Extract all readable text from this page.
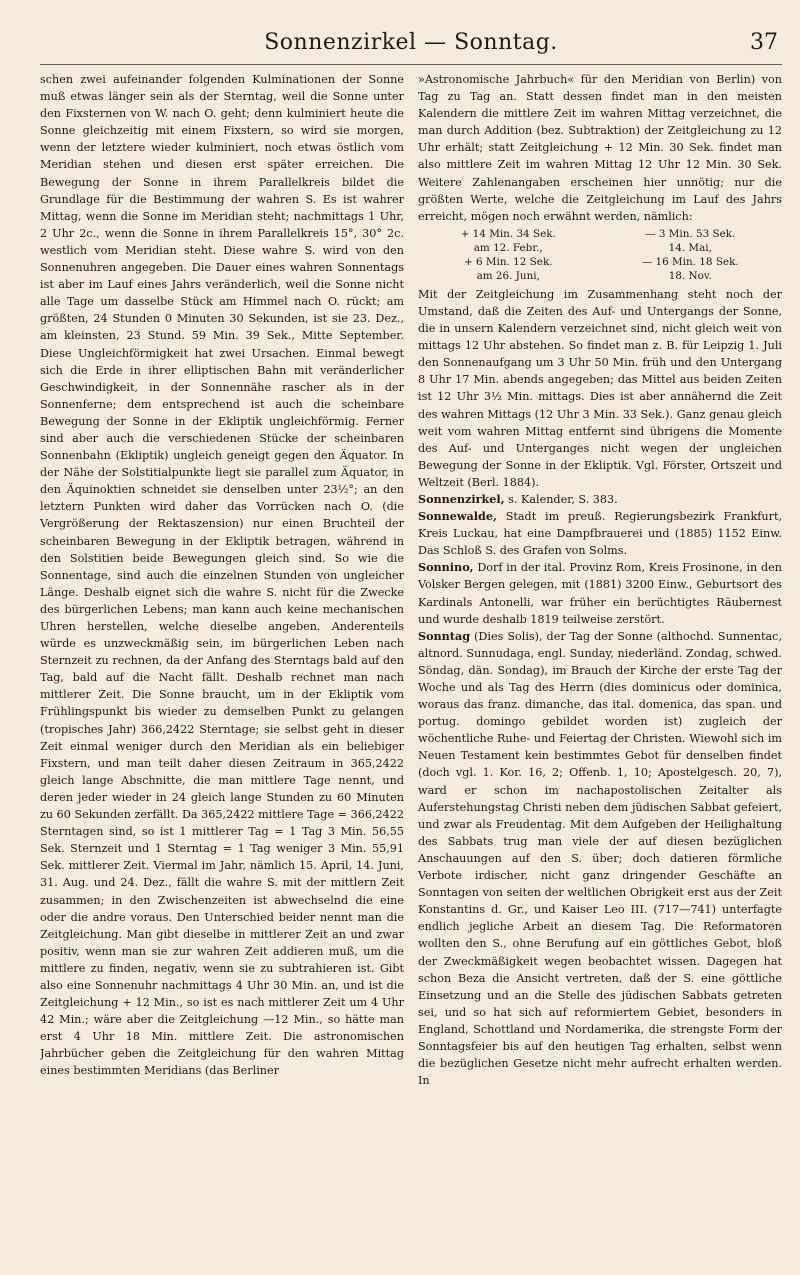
Sonnenzirkel — Sonntag.	37

schen zwei aufeinander folgenden Kulminationen der Sonne muß etwas länger sein als der Sterntag, weil die Sonne unter den Fixsternen von W. nach O. geht; denn kulminiert heute die Sonne gleichzeitig mit einem Fixstern, so wird sie morgen, wenn der letztere wieder kulminiert, noch etwas östlich vom Meridian stehen und diesen erst später erreichen. Die Bewegung der Sonne in ihrem Parallelkreis bildet die Grundlage für die Bestimmung der wahren S. Es ist wahrer Mittag, wenn die Sonne im Meridian steht; nachmittags 1 Uhr, 2 Uhr 2c., wenn die Sonne in ihrem Parallelkreis 15°, 30° 2c. westlich vom Meridian steht. Diese wahre S. wird von den Sonnenuhren angegeben. Die Dauer eines wahren Sonnentags ist aber im Lauf eines Jahrs veränderlich, weil die Sonne nicht alle Tage um dasselbe Stück am Himmel nach O. rückt; am größten, 24 Stunden 0 Minuten 30 Sekunden, ist sie 23. Dez., am kleinsten, 23 Stund. 59 Min. 39 Sek., Mitte September. Diese Ungleichförmigkeit hat zwei Ursachen. Einmal bewegt sich die Erde in ihrer elliptischen Bahn mit veränderlicher Geschwindigkeit, in der Sonnennähe rascher als in der Sonnenferne; dem entsprechend ist auch die scheinbare Bewegung der Sonne in der Ekliptik ungleichförmig. Ferner sind aber auch die verschiedenen Stücke der scheinbaren Sonnenbahn (Ekliptik) ungleich geneigt gegen den Äquator. In der Nähe der Solstitialpunkte liegt sie parallel zum Äquator, in den Äquinoktien schneidet sie denselben unter 23½°; an den letztern Punkten wird daher das Vorrücken nach O. (die Vergrößerung der Rektaszension) nur einen Bruchteil der scheinbaren Bewegung in der Ekliptik betragen, während in den Solstitien beide Bewegungen gleich sind. So wie die Sonnentage, sind auch die einzelnen Stunden von ungleicher Länge. Deshalb eignet sich die wahre S. nicht für die Zwecke des bürgerlichen Lebens; man kann auch keine mechanischen Uhren herstellen, welche dieselbe angeben. Anderenteils würde es unzweckmäßig sein, im bürgerlichen Leben nach Sternzeit zu rechnen, da der Anfang des Sterntags bald auf den Tag, bald auf die Nacht fällt. Deshalb rechnet man nach mittlerer Zeit. Die Sonne braucht, um in der Ekliptik vom Frühlingspunkt bis wieder zu demselben Punkt zu gelangen (tropisches Jahr) 366,2422 Sterntage; sie selbst geht in dieser Zeit einmal weniger durch den Meridian als ein beliebiger Fixstern, und man teilt daher diesen Zeitraum in 365,2422 gleich lange Abschnitte, die man mittlere Tage nennt, und deren jeder wieder in 24 gleich lange Stunden zu 60 Minuten zu 60 Sekunden zerfällt. Da 365,2422 mittlere Tage = 366,2422 Sterntagen sind, so ist 1 mittlerer Tag = 1 Tag 3 Min. 56,55 Sek. Sternzeit und 1 Sterntag = 1 Tag weniger 3 Min. 55,91 Sek. mittlerer Zeit. Viermal im Jahr, nämlich 15. April, 14. Juni, 31. Aug. und 24. Dez., fällt die wahre S. mit der mittlern Zeit zusammen; in den Zwischenzeiten ist abwechselnd die eine oder die andre voraus. Den Unterschied beider nennt man die Zeitgleichung. Man gibt dieselbe in mittlerer Zeit an und zwar positiv, wenn man sie zur wahren Zeit addieren muß, um die mittlere zu finden, negativ, wenn sie zu subtrahieren ist. Gibt also eine Sonnenuhr nachmittags 4 Uhr 30 Min. an, und ist die Zeitgleichung + 12 Min., so ist es nach mittlerer Zeit um 4 Uhr 42 Min.; wäre aber die Zeitgleichung —12 Min., so hätte man erst 4 Uhr 18 Min. mittlere Zeit. Die astronomischen Jahrbücher geben die Zeitgleichung für den wahren Mittag eines bestimmten Meridians (das Berliner

»Astronomische Jahrbuch« für den Meridian von Berlin) von Tag zu Tag an. Statt dessen findet man in den meisten Kalendern die mittlere Zeit im wahren Mittag verzeichnet, die man durch Addition (bez. Subtraktion) der Zeitgleichung zu 12 Uhr erhält; statt Zeitgleichung + 12 Min. 30 Sek. findet man also mittlere Zeit im wahren Mittag 12 Uhr 12 Min. 30 Sek. Weitere Zahlenangaben erscheinen hier unnötig; nur die größten Werte, welche die Zeitgleichung im Lauf des Jahrs erreicht, mögen noch erwähnt werden, nämlich:

+ 14 Min. 34 Sek.	— 3 Min. 53 Sek.
am 12. Febr.,	14. Mai,
+ 6 Min. 12 Sek.	— 16 Min. 18 Sek.
am 26. Juni,	18. Nov.

Mit der Zeitgleichung im Zusammenhang steht noch der Umstand, daß die Zeiten des Auf- und Untergangs der Sonne, die in unsern Kalendern verzeichnet sind, nicht gleich weit von mittags 12 Uhr abstehen. So findet man z. B. für Leipzig 1. Juli den Sonnenaufgang um 3 Uhr 50 Min. früh und den Untergang 8 Uhr 17 Min. abends angegeben; das Mittel aus beiden Zeiten ist 12 Uhr 3½ Min. mittags. Dies ist aber annähernd die Zeit des wahren Mittags (12 Uhr 3 Min. 33 Sek.). Ganz genau gleich weit vom wahren Mittag entfernt sind übrigens die Momente des Auf- und Unterganges nicht wegen der ungleichen Bewegung der Sonne in der Ekliptik. Vgl. Förster, Ortszeit und Weltzeit (Berl. 1884).

Sonnenzirkel, s. Kalender, S. 383.

Sonnewalde, Stadt im preuß. Regierungsbezirk Frankfurt, Kreis Luckau, hat eine Dampfbrauerei und (1885) 1152 Einw. Das Schloß S. des Grafen von Solms.

Sonnino, Dorf in der ital. Provinz Rom, Kreis Frosinone, in den Volsker Bergen gelegen, mit (1881) 3200 Einw., Geburtsort des Kardinals Antonelli, war früher ein berüchtigtes Räubernest und wurde deshalb 1819 teilweise zerstört.

Sonntag (Dies Solis), der Tag der Sonne (althochd. Sunnentac, altnord. Sunnudaga, engl. Sunday, niederländ. Zondag, schwed. Söndag, dän. Sondag), im Brauch der Kirche der erste Tag der Woche und als Tag des Herrn (dies dominicus oder dominica, woraus das franz. dimanche, das ital. domenica, das span. und portug. domingo gebildet worden ist) zugleich der wöchentliche Ruhe- und Feiertag der Christen. Wiewohl sich im Neuen Testament kein bestimmtes Gebot für denselben findet (doch vgl. 1. Kor. 16, 2; Offenb. 1, 10; Apostelgesch. 20, 7), ward er schon im nachapostolischen Zeitalter als Auferstehungstag Christi neben dem jüdischen Sabbat gefeiert, und zwar als Freudentag. Mit dem Aufgeben der Heilighaltung des Sabbats trug man viele der auf diesen bezüglichen Anschauungen auf den S. über; doch datieren förmliche Verbote irdischer, nicht ganz dringender Geschäfte an Sonntagen von seiten der weltlichen Obrigkeit erst aus der Zeit Konstantins d. Gr., und Kaiser Leo III. (717—741) unterfagte endlich jegliche Arbeit an diesem Tag. Die Reformatoren wollten den S., ohne Berufung auf ein göttliches Gebot, bloß der Zweckmäßigkeit wegen beobachtet wissen. Dagegen hat schon Beza die Ansicht vertreten, daß der S. eine göttliche Einsetzung und an die Stelle des jüdischen Sabbats getreten sei, und so hat sich auf reformiertem Gebiet, besonders in England, Schottland und Nordamerika, die strengste Form der Sonntagsfeier bis auf den heutigen Tag erhalten, selbst wenn die bezüglichen Gesetze nicht mehr aufrecht erhalten werden. In
